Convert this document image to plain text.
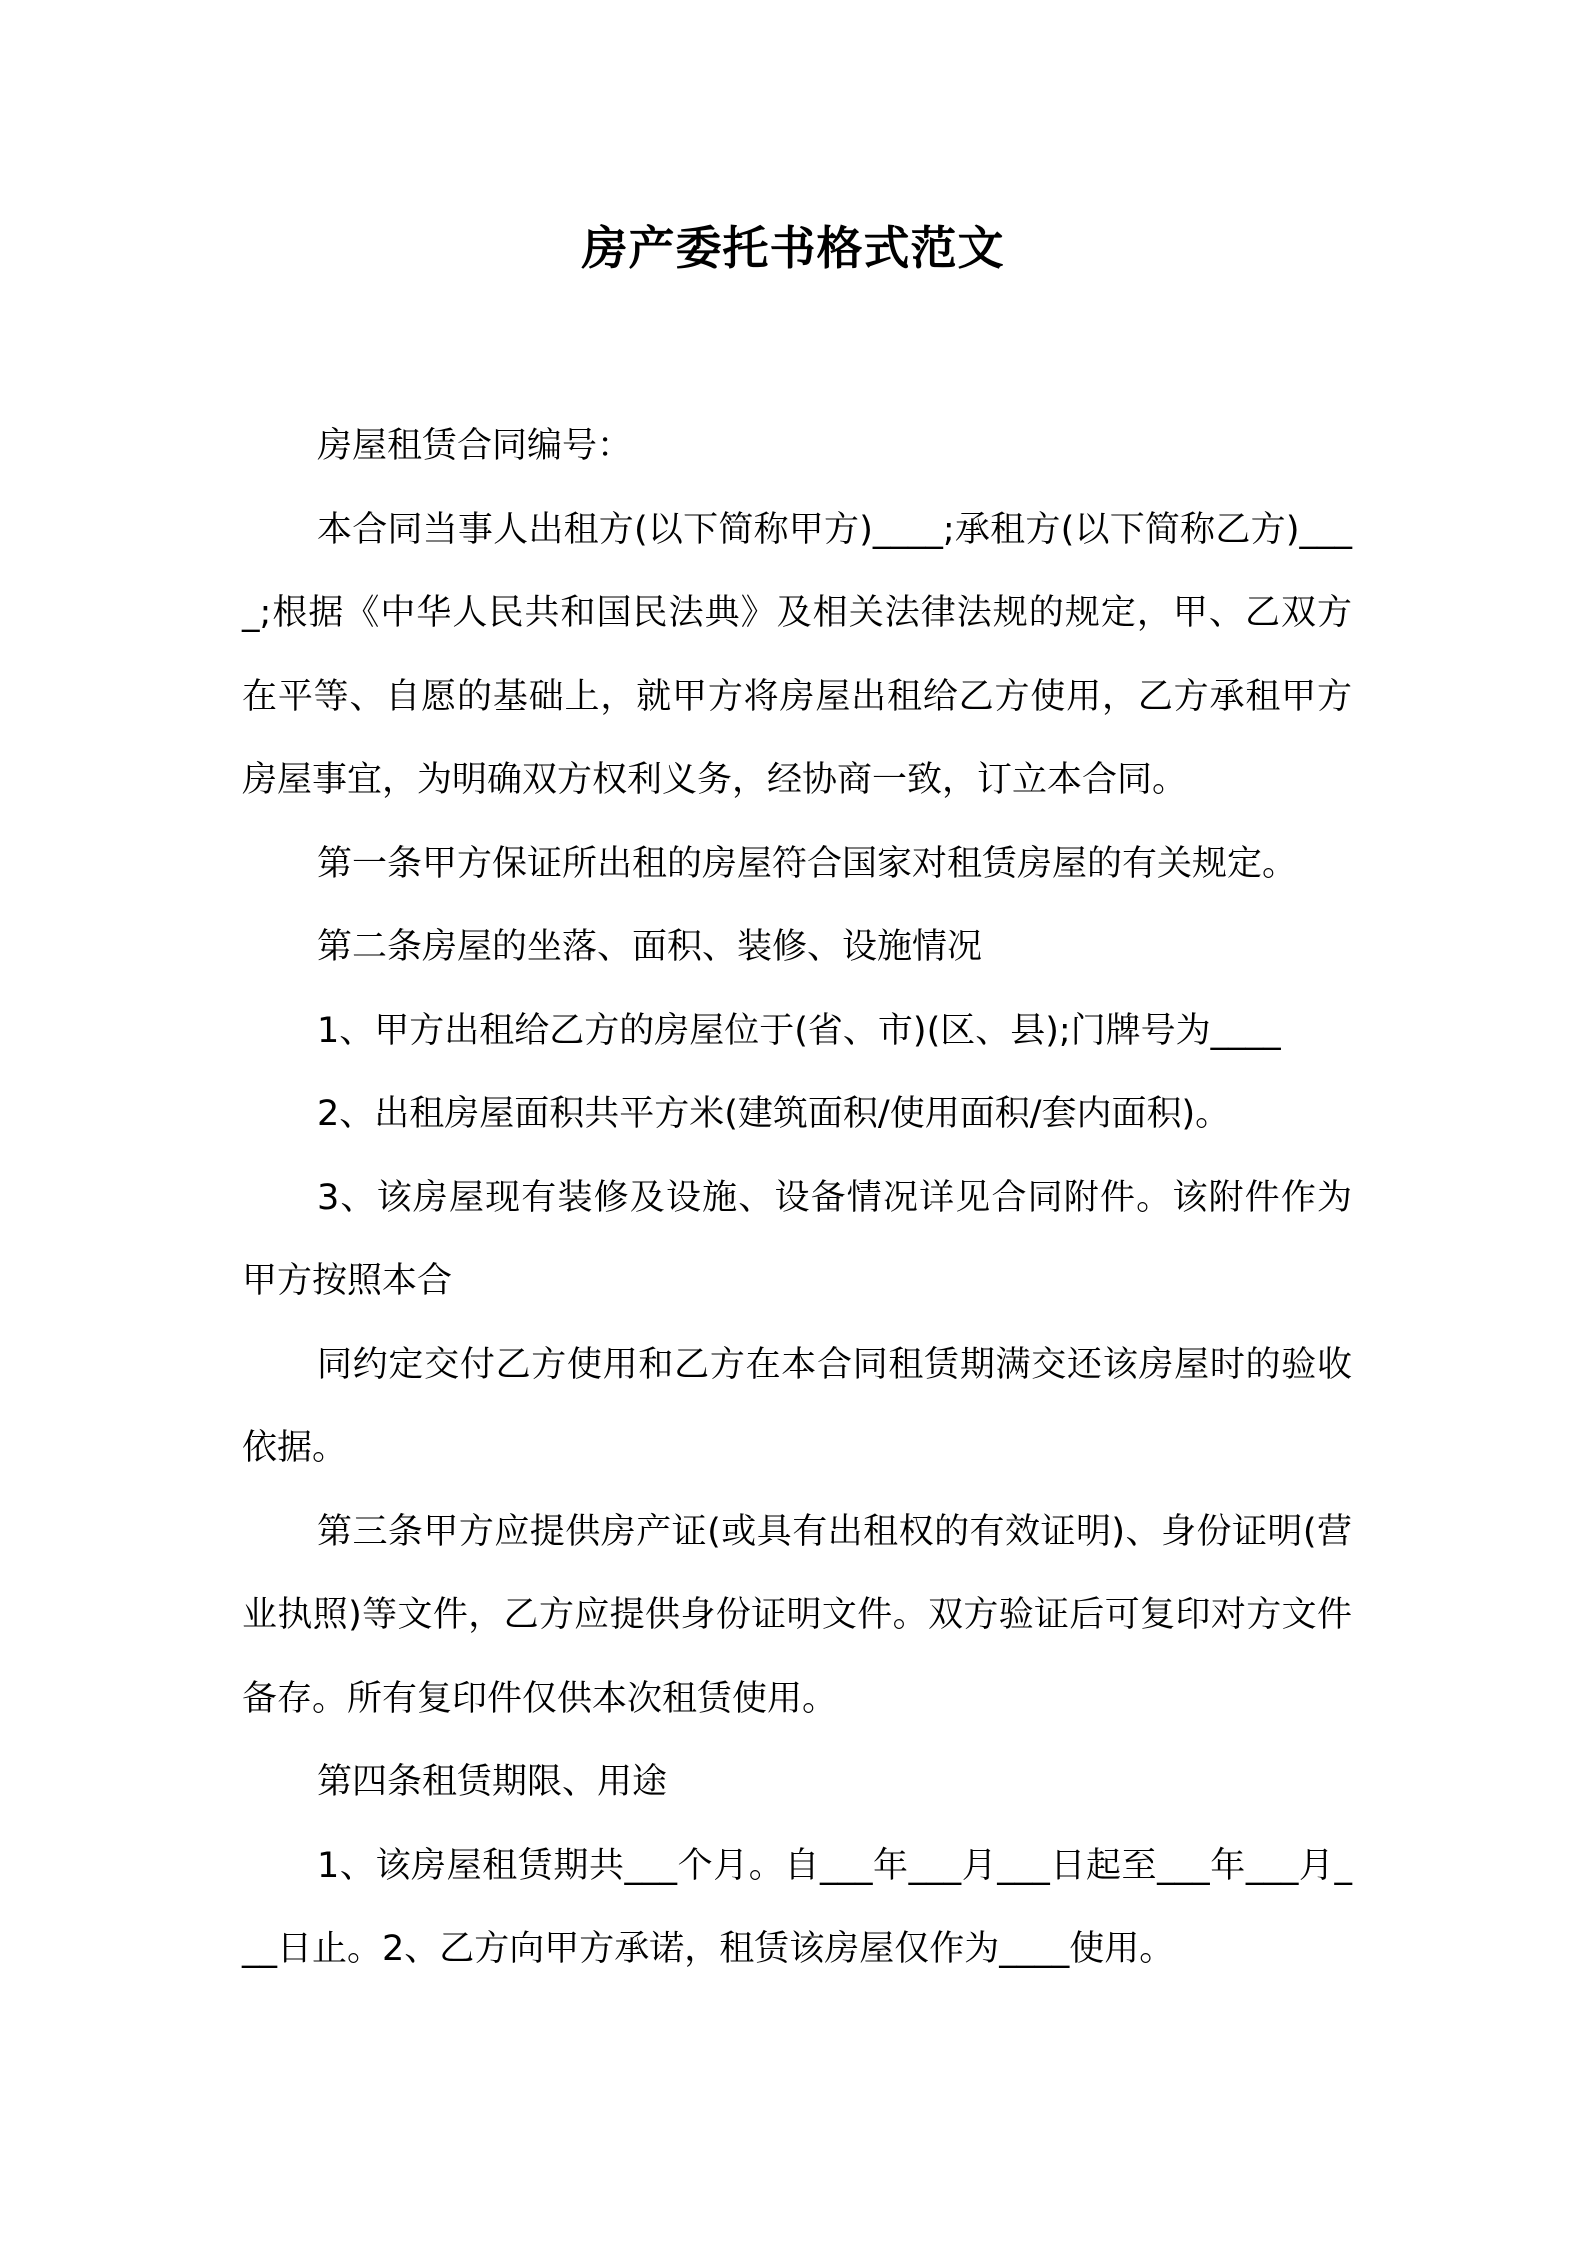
房产委托书格式范文

房屋租赁合同编号：

本合同当事人出租方(以下简称甲方)____;承租方(以下简称乙方)____;根据《中华人民共和国民法典》及相关法律法规的规定，甲、乙双方在平等、自愿的基础上，就甲方将房屋出租给乙方使用，乙方承租甲方房屋事宜，为明确双方权利义务，经协商一致，订立本合同。

第一条甲方保证所出租的房屋符合国家对租赁房屋的有关规定。

第二条房屋的坐落、面积、装修、设施情况

1、甲方出租给乙方的房屋位于(省、市)(区、县);门牌号为____

2、出租房屋面积共平方米(建筑面积/使用面积/套内面积)。

3、该房屋现有装修及设施、设备情况详见合同附件。该附件作为甲方按照本合

同约定交付乙方使用和乙方在本合同租赁期满交还该房屋时的验收依据。

第三条甲方应提供房产证(或具有出租权的有效证明)、身份证明(营业执照)等文件，乙方应提供身份证明文件。双方验证后可复印对方文件备存。所有复印件仅供本次租赁使用。

第四条租赁期限、用途

1、该房屋租赁期共___个月。自___年___月___日起至___年___月___日止。2、乙方向甲方承诺，租赁该房屋仅作为____使用。
